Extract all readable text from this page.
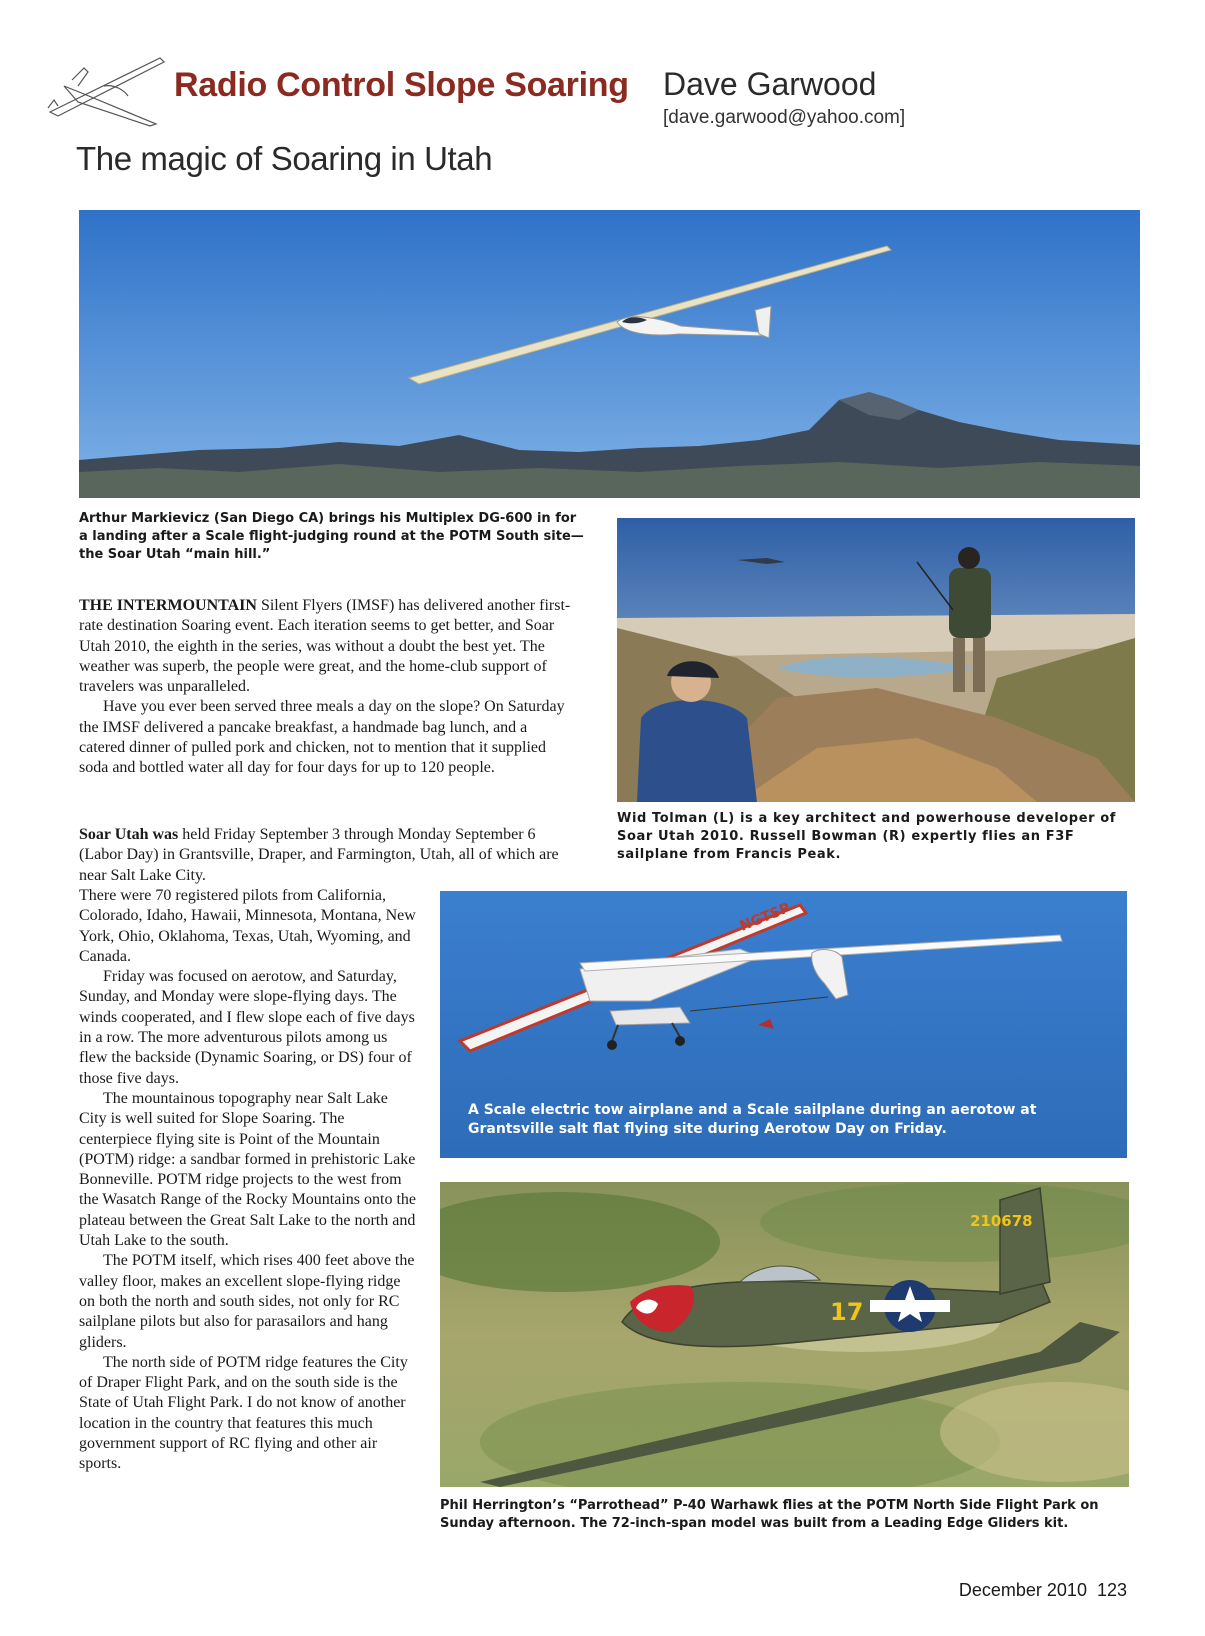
Radio Control Slope Soaring Dave Garwood
[dave.garwood@yahoo.com]
The magic of Soaring in Utah
Arthur Markievicz (San Diego CA) brings his Multiplex DG-600 in for a landing after a Scale flight-judging round at the POTM South site—the Soar Utah “main hill.”
Wid Tolman (L) is a key architect and powerhouse developer of Soar Utah 2010. Russell Bowman (R) expertly flies an F3F sailplane from Francis Peak.
NGTSP
A Scale electric tow airplane and a Scale sailplane during an aerotow at Grantsville salt flat flying site during Aerotow Day on Friday.
17
210678
Phil Herrington’s “Parrothead” P-40 Warhawk flies at the POTM North Side Flight Park on Sunday afternoon. The 72-inch-span model was built from a Leading Edge Gliders kit.

THE INTERMOUNTAIN Silent Flyers (IMSF) has delivered another first-rate destination Soaring event. Each iteration seems to get better, and Soar Utah 2010, the eighth in the series, was without a doubt the best yet. The weather was superb, the people were great, and the home-club support of travelers was unparalleled.

Have you ever been served three meals a day on the slope? On Saturday the IMSF delivered a pancake breakfast, a handmade bag lunch, and a catered dinner of pulled pork and chicken, not to mention that it supplied soda and bottled water all day for four days for up to 120 people.

Soar Utah was held Friday September 3 through Monday September 6 (Labor Day) in Grantsville, Draper, and Farmington, Utah, all of which are near Salt Lake City.

There were 70 registered pilots from California, Colorado, Idaho, Hawaii, Minnesota, Montana, New York, Ohio, Oklahoma, Texas, Utah, Wyoming, and Canada.

Friday was focused on aerotow, and Saturday, Sunday, and Monday were slope-flying days. The winds cooperated, and I flew slope each of five days in a row. The more adventurous pilots among us flew the backside (Dynamic Soaring, or DS) four of those five days.

The mountainous topography near Salt Lake City is well suited for Slope Soaring. The centerpiece flying site is Point of the Mountain (POTM) ridge: a sandbar formed in prehistoric Lake Bonneville. POTM ridge projects to the west from the Wasatch Range of the Rocky Mountains onto the plateau between the Great Salt Lake to the north and Utah Lake to the south.

The POTM itself, which rises 400 feet above the valley floor, makes an excellent slope-flying ridge on both the north and south sides, not only for RC sailplane pilots but also for parasailors and hang gliders.

The north side of POTM ridge features the City of Draper Flight Park, and on the south side is the State of Utah Flight Park. I do not know of another location in the country that features this much government support of RC flying and other air sports.

December 2010 123
